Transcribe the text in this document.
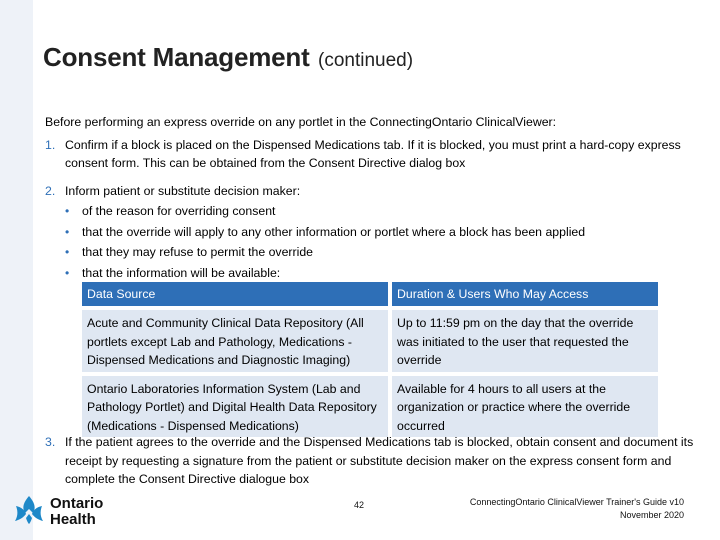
Consent Management (continued)

Before performing an express override on any portlet in the ConnectingOntario ClinicalViewer:

1. Confirm if a block is placed on the Dispensed Medications tab. If it is blocked, you must print a hard-copy express consent form. This can be obtained from the Consent Directive dialog box
2. Inform patient or substitute decision maker:
• of the reason for overriding consent
• that the override will apply to any other information or portlet where a block has been applied
• that they may refuse to permit the override
• that the information will be available:
Data Source	Duration & Users Who May Access
Acute and Community Clinical Data Repository (All portlets except Lab and Pathology, Medications - Dispensed Medications and Diagnostic Imaging)	Up to 11:59 pm on the day that the override was initiated to the user that requested the override
Ontario Laboratories Information System (Lab and Pathology Portlet) and Digital Health Data Repository (Medications - Dispensed Medications)	Available for 4 hours to all users at the organization or practice where the override occurred
3. If the patient agrees to the override and the Dispensed Medications tab is blocked, obtain consent and document its receipt by requesting a signature from the patient or substitute decision maker on the express consent form and complete the Consent Directive dialogue box
Ontario
Health
42	ConnectingOntario ClinicalViewer Trainer's Guide v10
November 2020
